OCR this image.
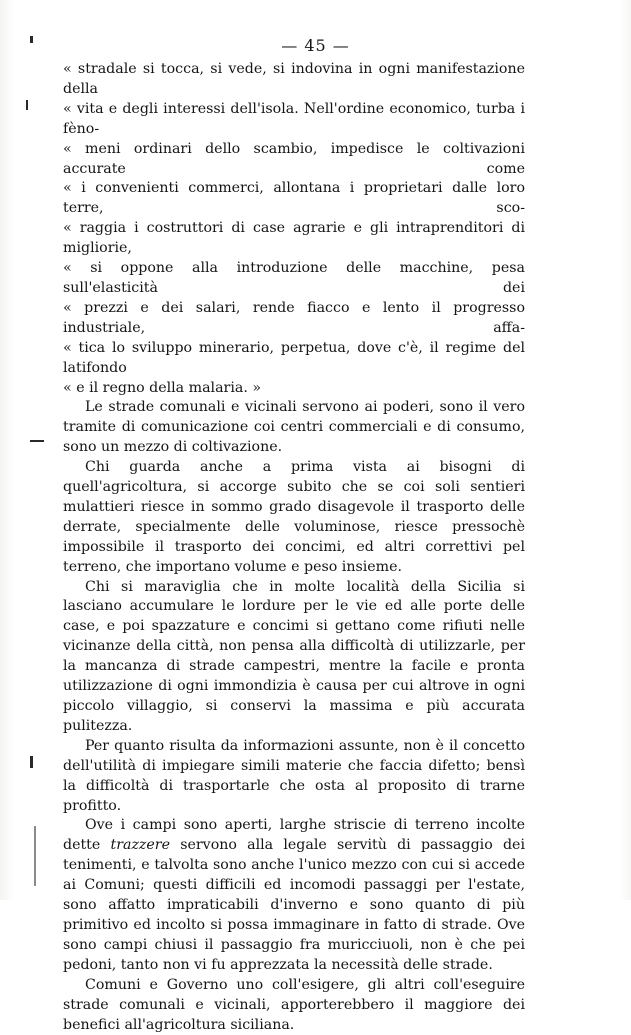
— 45 —
« stradale si tocca, si vede, si indovina in ogni manifestazione della
« vita e degli interessi dell'isola. Nell'ordine economico, turba i fèno-
« meni ordinari dello scambio, impedisce le coltivazioni accurate come
« i convenienti commerci, allontana i proprietari dalle loro terre, sco-
« raggia i costruttori di case agrarie e gli intraprenditori di migliorie,
« si oppone alla introduzione delle macchine, pesa sull'elasticità dei
« prezzi e dei salari, rende fiacco e lento il progresso industriale, affa-
« tica lo sviluppo minerario, perpetua, dove c'è, il regime del latifondo
« e il regno della malaria. »

Le strade comunali e vicinali servono ai poderi, sono il vero tramite di comunicazione coi centri commerciali e di consumo, sono un mezzo di coltivazione.

Chi guarda anche a prima vista ai bisogni di quell'agricoltura, si accorge subito che se coi soli sentieri mulattieri riesce in sommo grado disagevole il trasporto delle derrate, specialmente delle voluminose, riesce pressochè impossibile il trasporto dei concimi, ed altri correttivi pel terreno, che importano volume e peso insieme.

Chi si maraviglia che in molte località della Sicilia si lasciano accumulare le lordure per le vie ed alle porte delle case, e poi spazzature e concimi si gettano come rifiuti nelle vicinanze della città, non pensa alla difficoltà di utilizzarle, per la mancanza di strade campestri, mentre la facile e pronta utilizzazione di ogni immondizia è causa per cui altrove in ogni piccolo villaggio, si conservi la massima e più accurata pulitezza.

Per quanto risulta da informazioni assunte, non è il concetto dell'utilità di impiegare simili materie che faccia difetto; bensì la difficoltà di trasportarle che osta al proposito di trarne profitto.

Ove i campi sono aperti, larghe striscie di terreno incolte dette trazzere servono alla legale servitù di passaggio dei tenimenti, e talvolta sono anche l'unico mezzo con cui si accede ai Comuni; questi difficili ed incomodi passaggi per l'estate, sono affatto impraticabili d'inverno e sono quanto di più primitivo ed incolto si possa immaginare in fatto di strade. Ove sono campi chiusi il passaggio fra muricciuoli, non è che pei pedoni, tanto non vi fu apprezzata la necessità delle strade.

Comuni e Governo uno coll'esigere, gli altri coll'eseguire strade comunali e vicinali, apporterebbero il maggiore dei benefici all'agricoltura siciliana.
